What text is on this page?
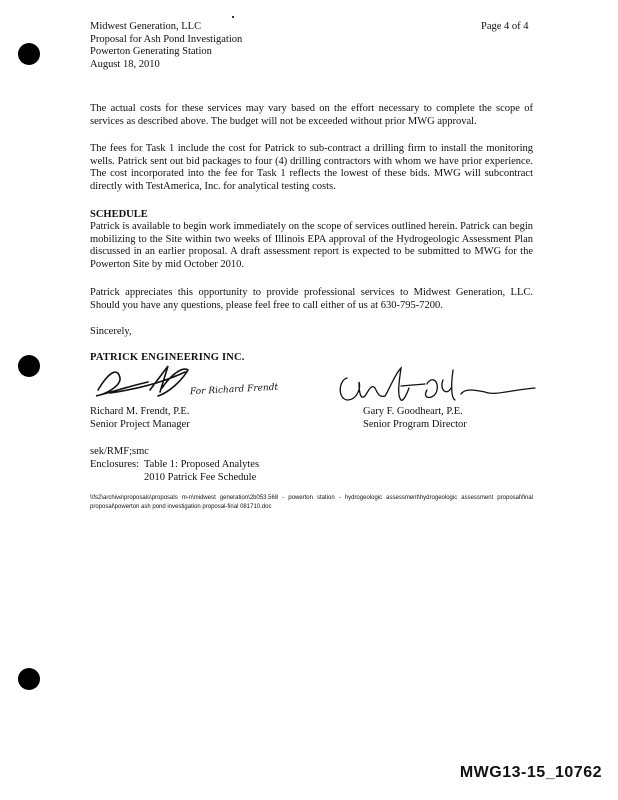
Midwest Generation, LLC
Proposal for Ash Pond Investigation
Powerton Generating Station
August 18, 2010
Page 4 of 4

The actual costs for these services may vary based on the effort necessary to complete the scope of services as described above. The budget will not be exceeded without prior MWG approval.

The fees for Task 1 include the cost for Patrick to sub-contract a drilling firm to install the monitoring wells. Patrick sent out bid packages to four (4) drilling contractors with whom we have prior experience. The cost incorporated into the fee for Task 1 reflects the lowest of these bids. MWG will subcontract directly with TestAmerica, Inc. for analytical testing costs.

SCHEDULE

Patrick is available to begin work immediately on the scope of services outlined herein. Patrick can begin mobilizing to the Site within two weeks of Illinois EPA approval of the Hydrogeologic Assessment Plan discussed in an earlier proposal. A draft assessment report is expected to be submitted to MWG for the Powerton Site by mid October 2010.

Patrick appreciates this opportunity to provide professional services to Midwest Generation, LLC. Should you have any questions, please feel free to call either of us at 630-795-7200.

Sincerely,
PATRICK ENGINEERING INC.
For Richard Frendt
Richard M. Frendt, P.E.
Senior Project Manager
Gary F. Goodheart, P.E.
Senior Program Director
sek/RMF;smc
Enclosures: Table 1: Proposed Analytes
2010 Patrick Fee Schedule
\\fs2\archive\proposals\proposals m-n\midwest generation\2b053.568 - powerton station - hydrogeologic assessment\hydrogeologic assessment proposal\final proposal\powerton ash pond investigation proposal-final 081710.doc
MWG13-15_10762
